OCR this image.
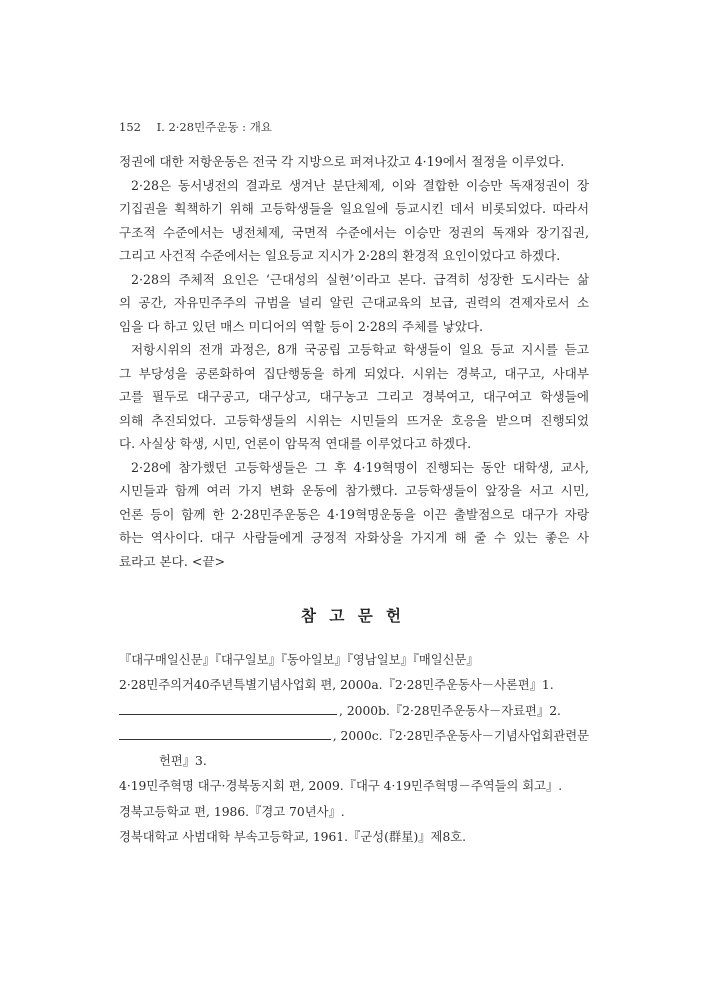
152 Ⅰ. 2·28민주운동 : 개요
정권에 대한 저항운동은 전국 각 지방으로 퍼져나갔고 4·19에서 절정을 이루었다.
2·28은 동서냉전의 결과로 생겨난 분단체제, 이와 결합한 이승만 독재정권이 장
기집권을 획책하기 위해 고등학생들을 일요일에 등교시킨 데서 비롯되었다. 따라서
구조적 수준에서는 냉전체제, 국면적 수준에서는 이승만 정권의 독재와 장기집권,
그리고 사건적 수준에서는 일요등교 지시가 2·28의 환경적 요인이었다고 하겠다.
2·28의 주체적 요인은 ‘근대성의 실현’이라고 본다. 급격히 성장한 도시라는 삶
의 공간, 자유민주주의 규범을 널리 알린 근대교육의 보급, 권력의 견제자로서 소
임을 다 하고 있던 매스 미디어의 역할 등이 2·28의 주체를 낳았다.
저항시위의 전개 과정은, 8개 국공립 고등학교 학생들이 일요 등교 지시를 듣고
그 부당성을 공론화하여 집단행동을 하게 되었다. 시위는 경북고, 대구고, 사대부
고를 필두로 대구공고, 대구상고, 대구농고 그리고 경북여고, 대구여고 학생들에
의해 추진되었다. 고등학생들의 시위는 시민들의 뜨거운 호응을 받으며 진행되었
다. 사실상 학생, 시민, 언론이 암묵적 연대를 이루었다고 하겠다.
2·28에 참가했던 고등학생들은 그 후 4·19혁명이 진행되는 동안 대학생, 교사,
시민들과 함께 여러 가지 변화 운동에 참가했다. 고등학생들이 앞장을 서고 시민,
언론 등이 함께 한 2·28민주운동은 4·19혁명운동을 이끈 출발점으로 대구가 자랑
하는 역사이다. 대구 사람들에게 긍정적 자화상을 가지게 해 줄 수 있는 좋은 사
료라고 본다. <끝>
참 고 문 헌
『대구매일신문』『대구일보』『동아일보』『영남일보』『매일신문』
2·28민주의거40주년특별기념사업회 편, 2000a.『2·28민주운동사－사론편』1.
, 2000b.『2·28민주운동사－자료편』2.
, 2000c.『2·28민주운동사－기념사업회관련문
헌편』3.
4·19민주혁명 대구·경북동지회 편, 2009.『대구 4·19민주혁명－주역들의 회고』.
경북고등학교 편, 1986.『경고 70년사』.
경북대학교 사범대학 부속고등학교, 1961.『군성(群星)』제8호.
